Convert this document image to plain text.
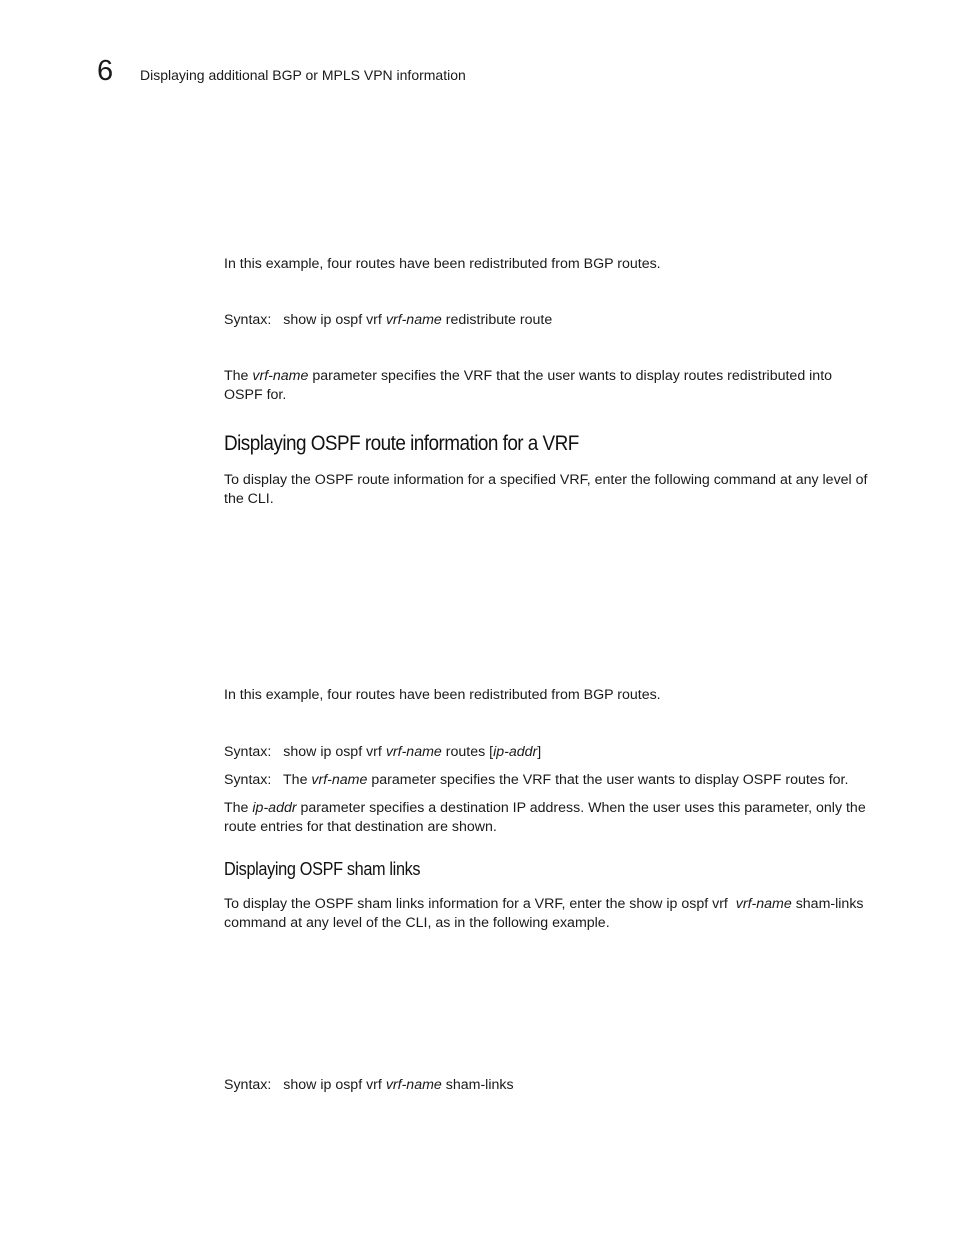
6 Displaying additional BGP or MPLS VPN information

In this example, four routes have been redistributed from BGP routes.

Syntax: show ip ospf vrf vrf-name redistribute route

The vrf-name parameter specifies the VRF that the user wants to display routes redistributed into OSPF for.

Displaying OSPF route information for a VRF

To display the OSPF route information for a specified VRF, enter the following command at any level of the CLI.

In this example, four routes have been redistributed from BGP routes.

Syntax: show ip ospf vrf vrf-name routes [ip-addr]

Syntax: The vrf-name parameter specifies the VRF that the user wants to display OSPF routes for.

The ip-addr parameter specifies a destination IP address. When the user uses this parameter, only the route entries for that destination are shown.

Displaying OSPF sham links

To display the OSPF sham links information for a VRF, enter the show ip ospf vrf vrf-name sham-links command at any level of the CLI, as in the following example.

Syntax: show ip ospf vrf vrf-name sham-links
